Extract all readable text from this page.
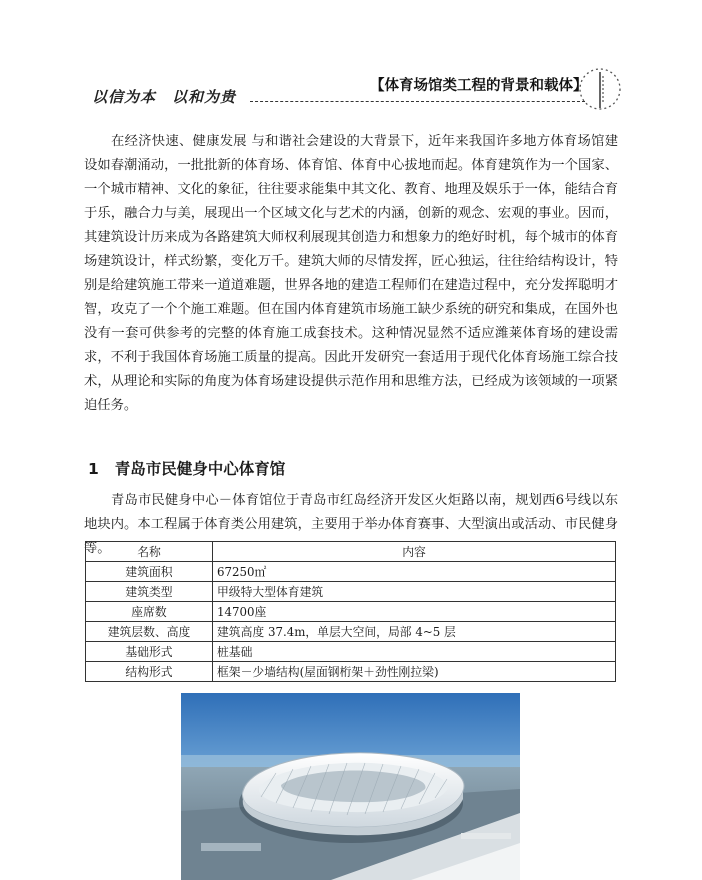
以信为本　以和为贵
【体育场馆类工程的背景和载体】

在经济快速、健康发展 与和谐社会建设的大背景下，近年来我国许多地方体育场馆建设如春潮涌动，一批批新的体育场、体育馆、体育中心拔地而起。体育建筑作为一个国家、一个城市精神、文化的象征，往往要求能集中其文化、教育、地理及娱乐于一体，能结合育于乐，融合力与美，展现出一个区域文化与艺术的内涵，创新的观念、宏观的事业。因而，其建筑设计历来成为各路建筑大师权利展现其创造力和想象力的绝好时机，每个城市的体育场建筑设计，样式纷繁，变化万千。建筑大师的尽情发挥，匠心独运，往往给结构设计，特别是给建筑施工带来一道道难题，世界各地的建造工程师们在建造过程中，充分发挥聪明才智，攻克了一个个施工难题。但在国内体育建筑市场施工缺少系统的研究和集成，在国外也没有一套可供参考的完整的体育施工成套技术。这种情况显然不适应潍莱体育场的建设需求，不利于我国体育场施工质量的提高。因此开发研究一套适用于现代化体育场施工综合技术，从理论和实际的角度为体育场建设提供示范作用和思维方法，已经成为该领域的一项紧迫任务。

1 青岛市民健身中心体育馆

青岛市民健身中心－体育馆位于青岛市红岛经济开发区火炬路以南，规划西6号线以东地块内。本工程属于体育类公用建筑，主要用于举办体育赛事、大型演出或活动、市民健身等。	名称	内容
建筑面积	67250㎡
建筑类型	甲级特大型体育建筑
座席数	14700座
建筑层数、高度	建筑高度 37.4m，单层大空间，局部 4~5 层
基础形式	桩基础
结构形式	框架－少墙结构(屋面钢桁架＋劲性刚拉梁)
